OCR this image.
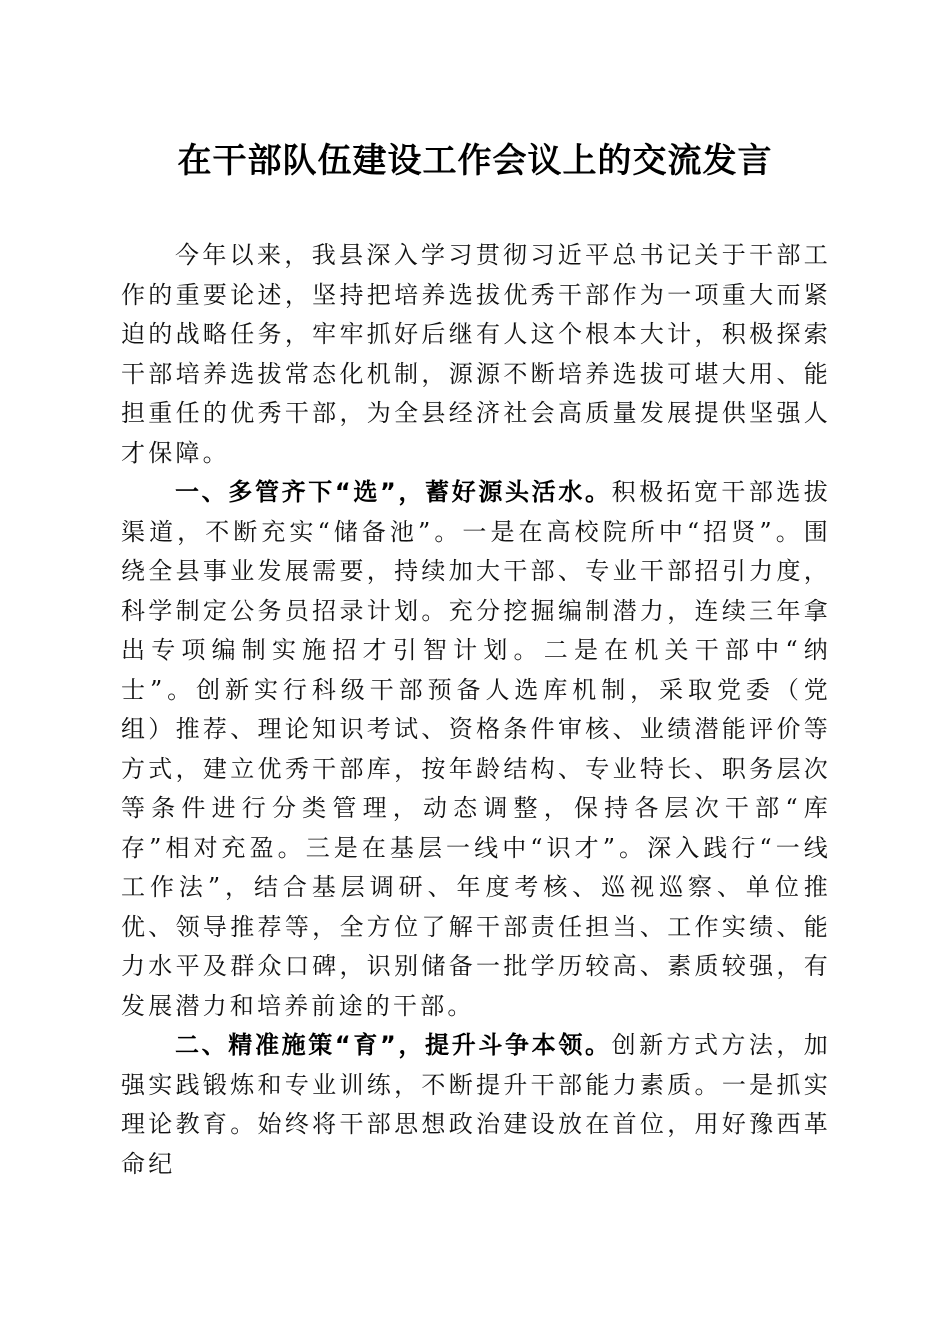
在干部队伍建设工作会议上的交流发言

今年以来，我县深入学习贯彻习近平总书记关于干部工作的重要论述，坚持把培养选拔优秀干部作为一项重大而紧迫的战略任务，牢牢抓好后继有人这个根本大计，积极探索干部培养选拔常态化机制，源源不断培养选拔可堪大用、能担重任的优秀干部，为全县经济社会高质量发展提供坚强人才保障。

一、多管齐下“选”，蓄好源头活水。积极拓宽干部选拔渠道，不断充实“储备池”。一是在高校院所中“招贤”。围绕全县事业发展需要，持续加大干部、专业干部招引力度，科学制定公务员招录计划。充分挖掘编制潜力，连续三年拿出专项编制实施招才引智计划。二是在机关干部中“纳士”。创新实行科级干部预备人选库机制，采取党委（党组）推荐、理论知识考试、资格条件审核、业绩潜能评价等方式，建立优秀干部库，按年龄结构、专业特长、职务层次等条件进行分类管理，动态调整，保持各层次干部“库存”相对充盈。三是在基层一线中“识才”。深入践行“一线工作法”，结合基层调研、年度考核、巡视巡察、单位推优、领导推荐等，全方位了解干部责任担当、工作实绩、能力水平及群众口碑，识别储备一批学历较高、素质较强，有发展潜力和培养前途的干部。

二、精准施策“育”，提升斗争本领。创新方式方法，加强实践锻炼和专业训练，不断提升干部能力素质。一是抓实理论教育。始终将干部思想政治建设放在首位，用好豫西革命纪
